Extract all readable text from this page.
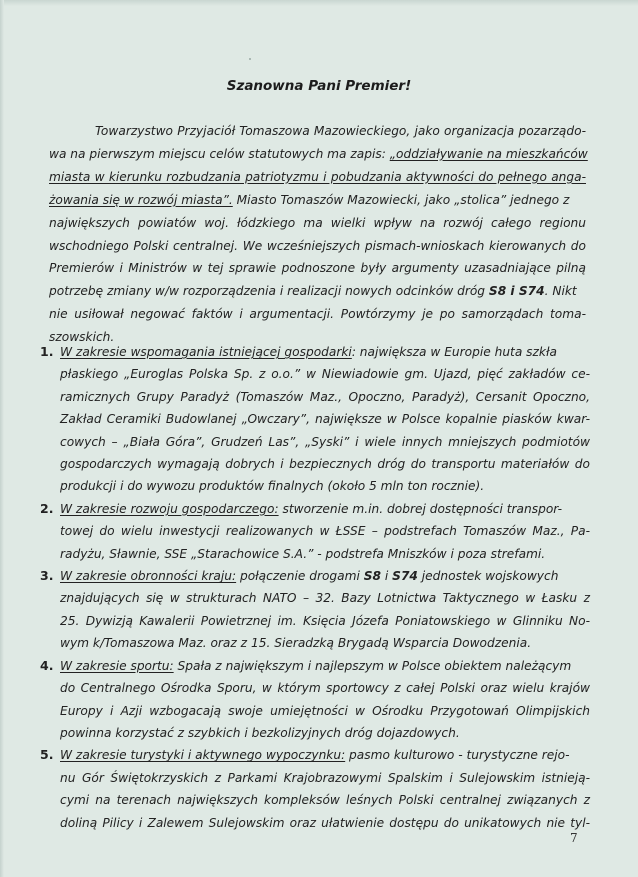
Szanowna Pani Premier!
Towarzystwo Przyjaciół Tomaszowa Mazowieckiego, jako organizacja pozarządo-
wa na pierwszym miejscu celów statutowych ma zapis: „oddziaływanie na mieszkańców
miasta w kierunku rozbudzania patriotyzmu i pobudzania aktywności do pełnego anga-
żowania się w rozwój miasta”. Miasto Tomaszów Mazowiecki, jako „stolica” jednego z
największych powiatów woj. łódzkiego ma wielki wpływ na rozwój całego regionu
wschodniego Polski centralnej. We wcześniejszych pismach-wnioskach kierowanych do
Premierów i Ministrów w tej sprawie podnoszone były argumenty uzasadniające pilną
potrzebę zmiany w/w rozporządzenia i realizacji nowych odcinków dróg S8 i S74. Nikt
nie usiłował negować faktów i argumentacji. Powtórzymy je po samorządach toma-
szowskich.
1. W zakresie wspomagania istniejącej gospodarki: największa w Europie huta szkła
płaskiego „Euroglas Polska Sp. z o.o.” w Niewiadowie gm. Ujazd, pięć zakładów ce-
ramicznych Grupy Paradyż (Tomaszów Maz., Opoczno, Paradyż), Cersanit Opoczno,
Zakład Ceramiki Budowlanej „Owczary”, największe w Polsce kopalnie piasków kwar-
cowych – „Biała Góra”, Grudzeń Las”, „Syski” i wiele innych mniejszych podmiotów
gospodarczych wymagają dobrych i bezpiecznych dróg do transportu materiałów do
produkcji i do wywozu produktów finalnych (około 5 mln ton rocznie).
2. W zakresie rozwoju gospodarczego: stworzenie m.in. dobrej dostępności transpor-
towej do wielu inwestycji realizowanych w ŁSSE – podstrefach Tomaszów Maz., Pa-
radyżu, Sławnie, SSE „Starachowice S.A.” - podstrefa Mniszków i poza strefami.
3. W zakresie obronności kraju: połączenie drogami S8 i S74 jednostek wojskowych
znajdujących się w strukturach NATO – 32. Bazy Lotnictwa Taktycznego w Łasku z
25. Dywizją Kawalerii Powietrznej im. Księcia Józefa Poniatowskiego w Glinniku No-
wym k/Tomaszowa Maz. oraz z 15. Sieradzką Brygadą Wsparcia Dowodzenia.
4. W zakresie sportu: Spała z największym i najlepszym w Polsce obiektem należącym
do Centralnego Ośrodka Sporu, w którym sportowcy z całej Polski oraz wielu krajów
Europy i Azji wzbogacają swoje umiejętności w Ośrodku Przygotowań Olimpijskich
powinna korzystać z szybkich i bezkolizyjnych dróg dojazdowych.
5. W zakresie turystyki i aktywnego wypoczynku: pasmo kulturowo - turystyczne rejo-
nu Gór Świętokrzyskich z Parkami Krajobrazowymi Spalskim i Sulejowskim istnieją-
cymi na terenach największych kompleksów leśnych Polski centralnej związanych z
doliną Pilicy i Zalewem Sulejowskim oraz ułatwienie dostępu do unikatowych nie tyl-
7
